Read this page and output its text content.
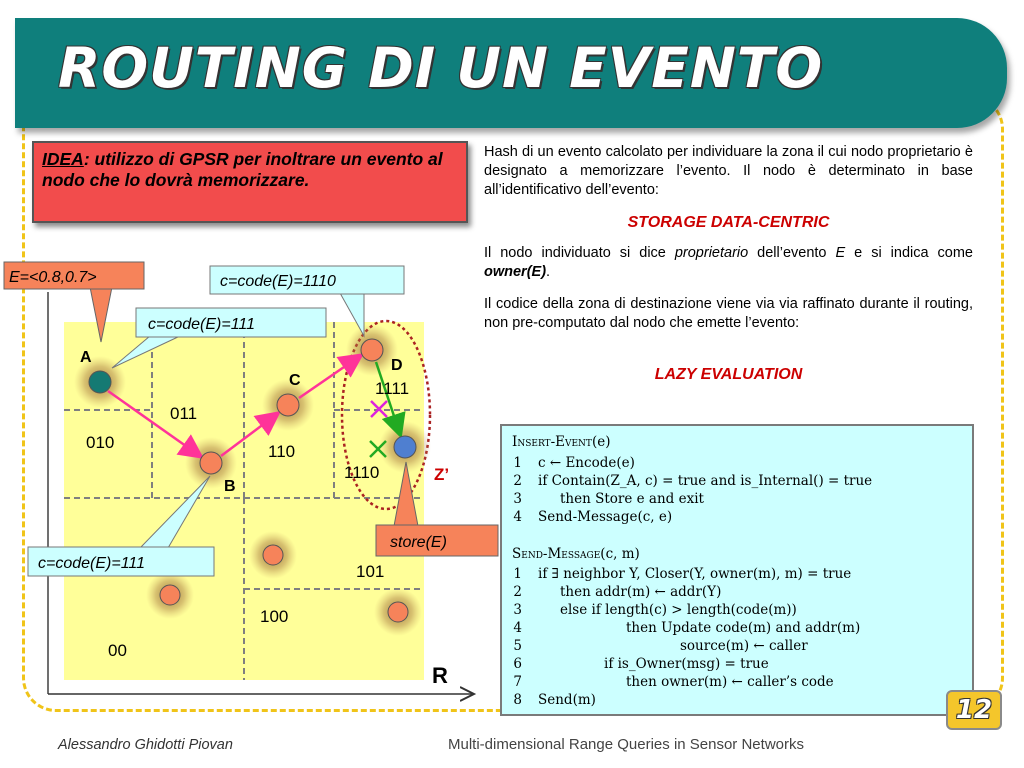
ROUTING DI UN EVENTO
IDEA: utilizzo di GPSR per inoltrare un evento al nodo che lo dovrà memorizzare.
Hash di un evento calcolato per individuare la zona il cui nodo proprietario è designato a memorizzare l’evento. Il nodo è determinato in base all’identificativo dell’evento:
STORAGE DATA-CENTRIC
Il nodo individuato si dice proprietario dell’evento E e si indica come owner(E).
Il codice della zona di destinazione viene via via raffinato durante il routing, non pre-computato dal nodo che emette l’evento:
LAZY EVALUATION
R
A
B
C
D
010
011
110
1111
1110
101
100
00
Z’
E=<0.8,0.7>	c=code(E)=1110
c=code(E)=111
c=code(E)=111
store(E)
Insert-Event(e)
1 c ← Encode(e)
2 if Contain(Z_A, c) = true and is_Internal() = true
3	then Store e and exit
4 Send-Message(c, e)
Send-Message(c, m)
1 if ∃ neighbor Y, Closer(Y, owner(m), m) = true
2	then addr(m) ← addr(Y)
3	else if length(c) > length(code(m))
4	then Update code(m) and addr(m)
5	source(m) ← caller
6	if is_Owner(msg) = true
7	then owner(m) ← caller’s code
8 Send(m)	12
Alessandro Ghidotti Piovan	Multi-dimensional Range Queries in Sensor Networks
